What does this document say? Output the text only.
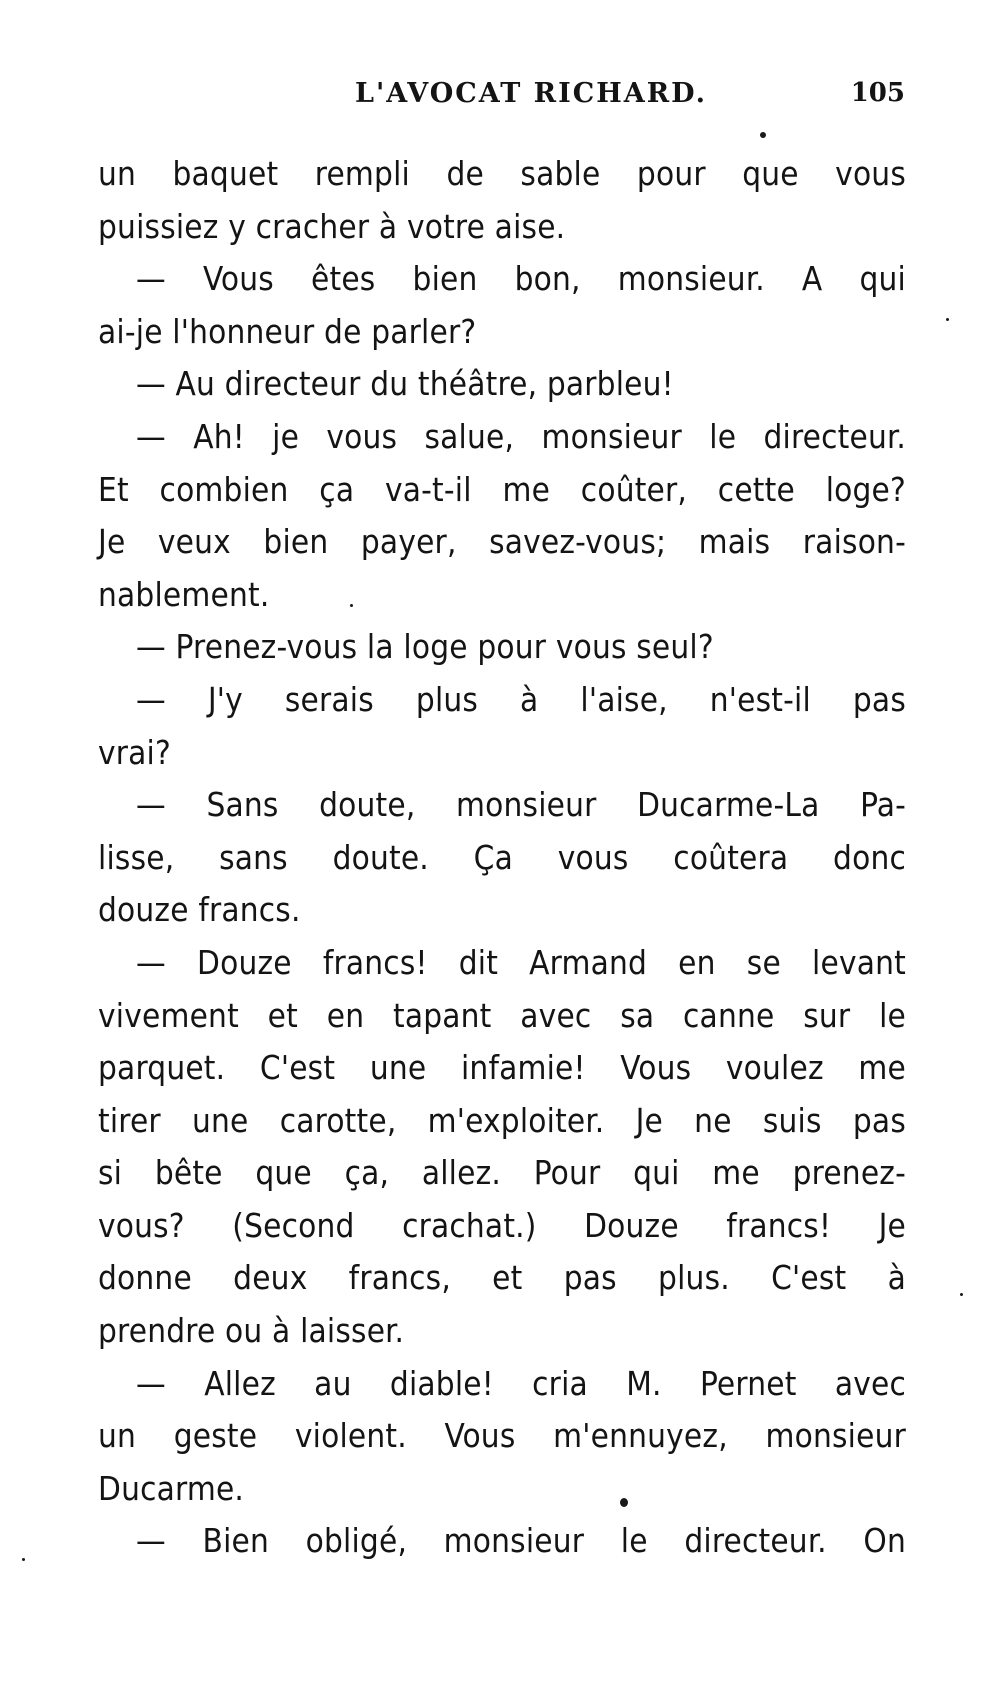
L'AVOCAT RICHARD.	105
un baquet rempli de sable pour que vous
puissiez y cracher à votre aise.
— Vous êtes bien bon, monsieur. A qui
ai-je l'honneur de parler?
— Au directeur du théâtre, parbleu!
— Ah! je vous salue, monsieur le directeur.
Et combien ça va-t-il me coûter, cette loge?
Je veux bien payer, savez-vous; mais raison-
nablement.
— Prenez-vous la loge pour vous seul?
— J'y serais plus à l'aise, n'est-il pas
vrai?
— Sans doute, monsieur Ducarme-La Pa-
lisse, sans doute. Ça vous coûtera donc
douze francs.
— Douze francs! dit Armand en se levant
vivement et en tapant avec sa canne sur le
parquet. C'est une infamie! Vous voulez me
tirer une carotte, m'exploiter. Je ne suis pas
si bête que ça, allez. Pour qui me prenez-
vous? (Second crachat.) Douze francs! Je
donne deux francs, et pas plus. C'est à
prendre ou à laisser.
— Allez au diable! cria M. Pernet avec
un geste violent. Vous m'ennuyez, monsieur
Ducarme.
— Bien obligé, monsieur le directeur. On
